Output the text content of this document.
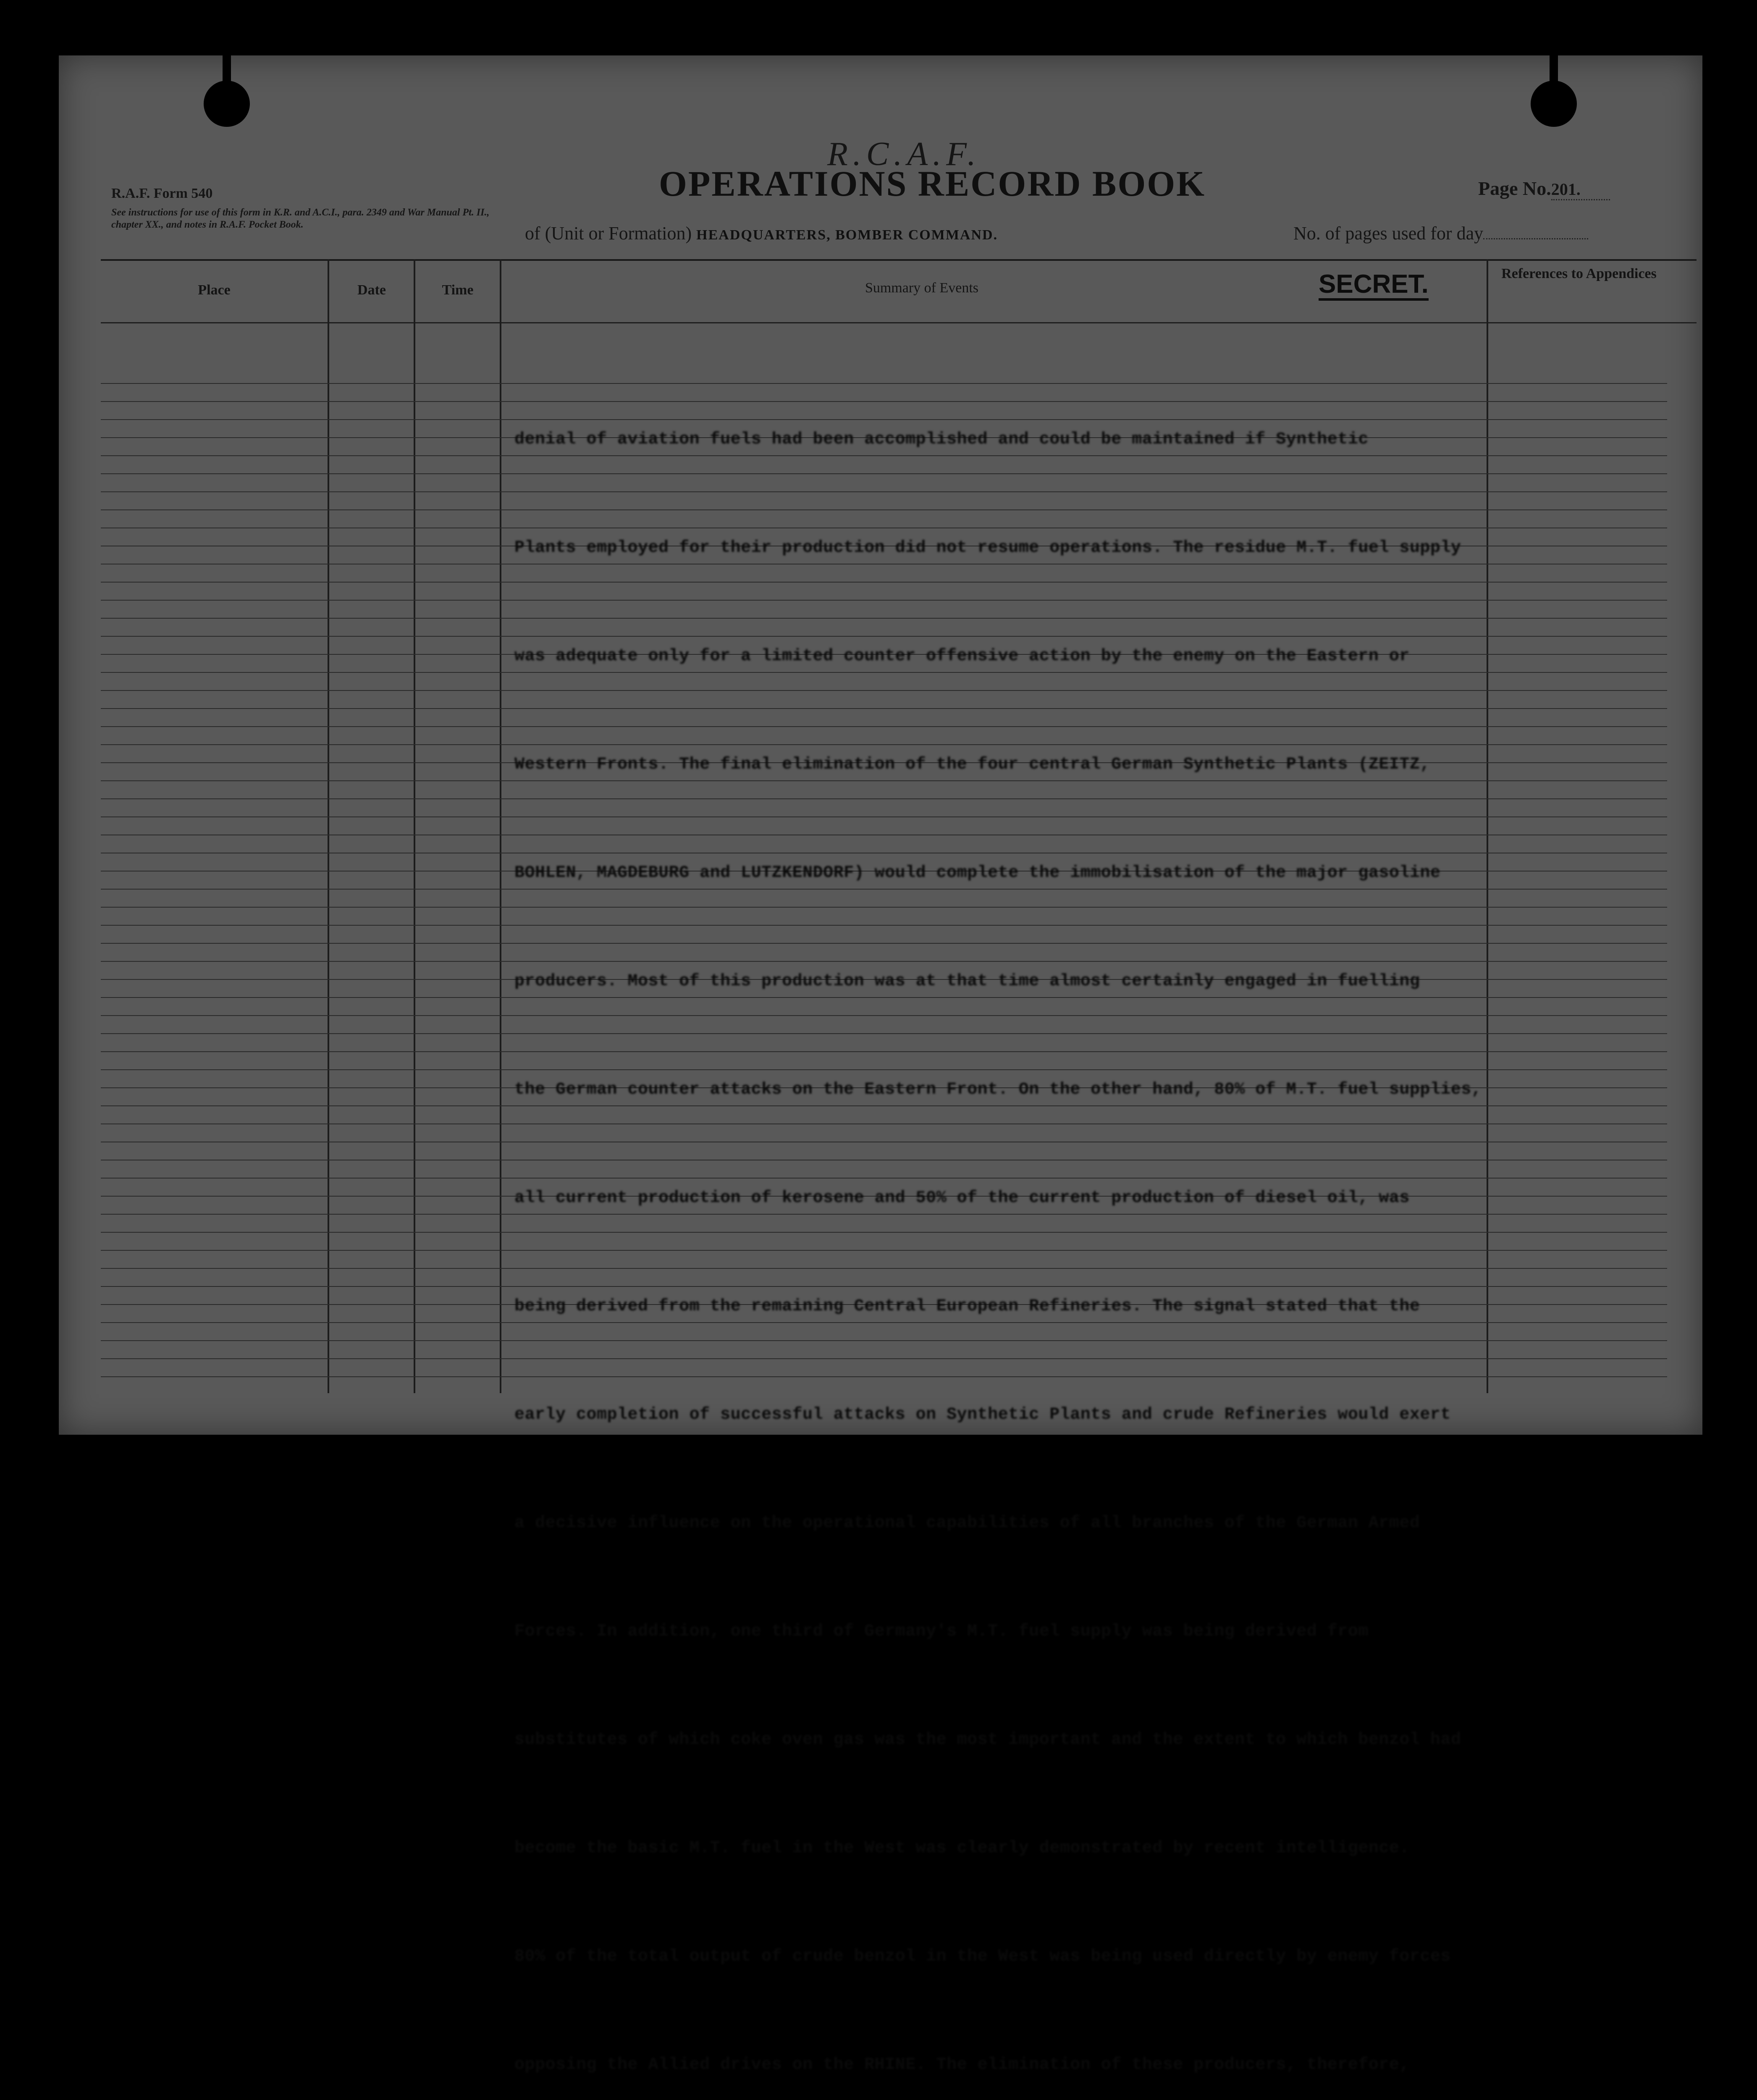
R.A.F. Form 540
See instructions for use of this form in K.R. and A.C.I., para. 2349 and War Manual Pt. II., chapter XX., and notes in R.A.F. Pocket Book.
R.C.A.F.
OPERATIONS RECORD BOOK	Page No.201.
of (Unit or Formation) HEADQUARTERS, BOMBER COMMAND.	No. of pages used for day
Place	Date	Time	Summary of Events	SECRET.	References to Appendices

denial of aviation fuels had been accomplished and could be maintained if Synthetic

Plants employed for their production did not resume operations. The residue M.T. fuel supply

was adequate only for a limited counter offensive action by the enemy on the Eastern or

Western Fronts. The final elimination of the four central German Synthetic Plants (ZEITZ,

BOHLEN, MAGDEBURG and LUTZKENDORF) would complete the immobilisation of the major gasoline

producers. Most of this production was at that time almost certainly engaged in fuelling

the German counter attacks on the Eastern Front. On the other hand, 80% of M.T. fuel supplies,

all current production of kerosene and 50% of the current production of diesel oil, was

being derived from the remaining Central European Refineries. The signal stated that the

early completion of successful attacks on Synthetic Plants and crude Refineries would exert

a decisive influence on the operational capabilities of all branches of the German Armed

Forces. In addition, one third of Germany's M.T. fuel supply was being derived from

substitutes of which coke oven gas was the most important and the extent to which benzol had

become the basic M.T. fuel in the West was clearly demonstrated by recent intelligence.

80% of the total output of crude benzol in the West was being used directly by enemy forces

opposing the Allied drives on the RHINE. The elimination of these producers, therefore,
